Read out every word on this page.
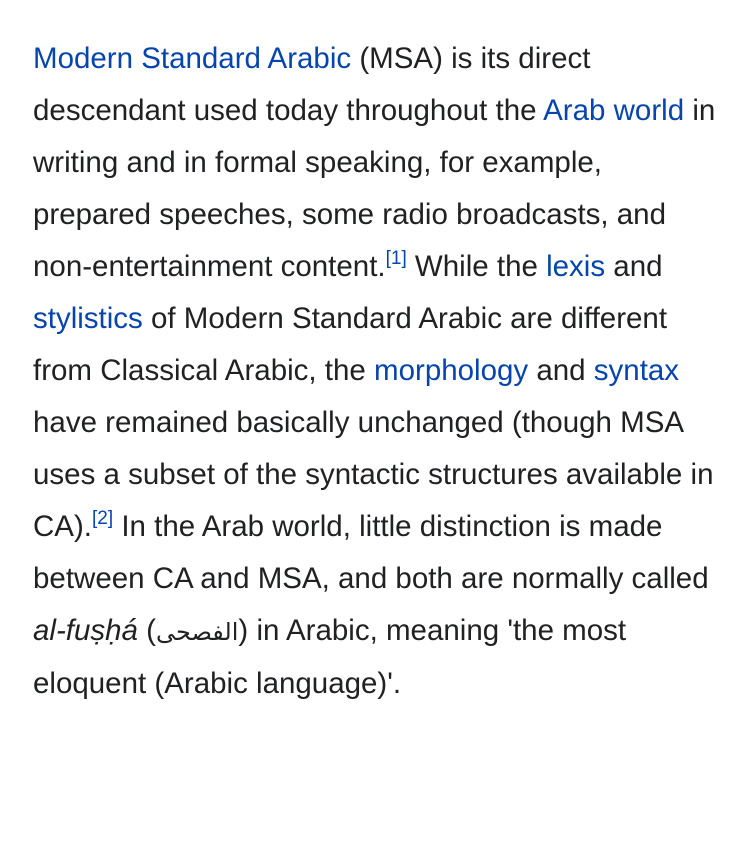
Modern Standard Arabic (MSA) is its direct descendant used today throughout the Arab world in writing and in formal speaking, for example, prepared speeches, some radio broadcasts, and non-entertainment content.[1] While the lexis and stylistics of Modern Standard Arabic are different from Classical Arabic, the morphology and syntax have remained basically unchanged (though MSA uses a subset of the syntactic structures available in CA).[2] In the Arab world, little distinction is made between CA and MSA, and both are normally called al-fuṣḥá (الفصحى) in Arabic, meaning 'the most eloquent (Arabic language)'.
